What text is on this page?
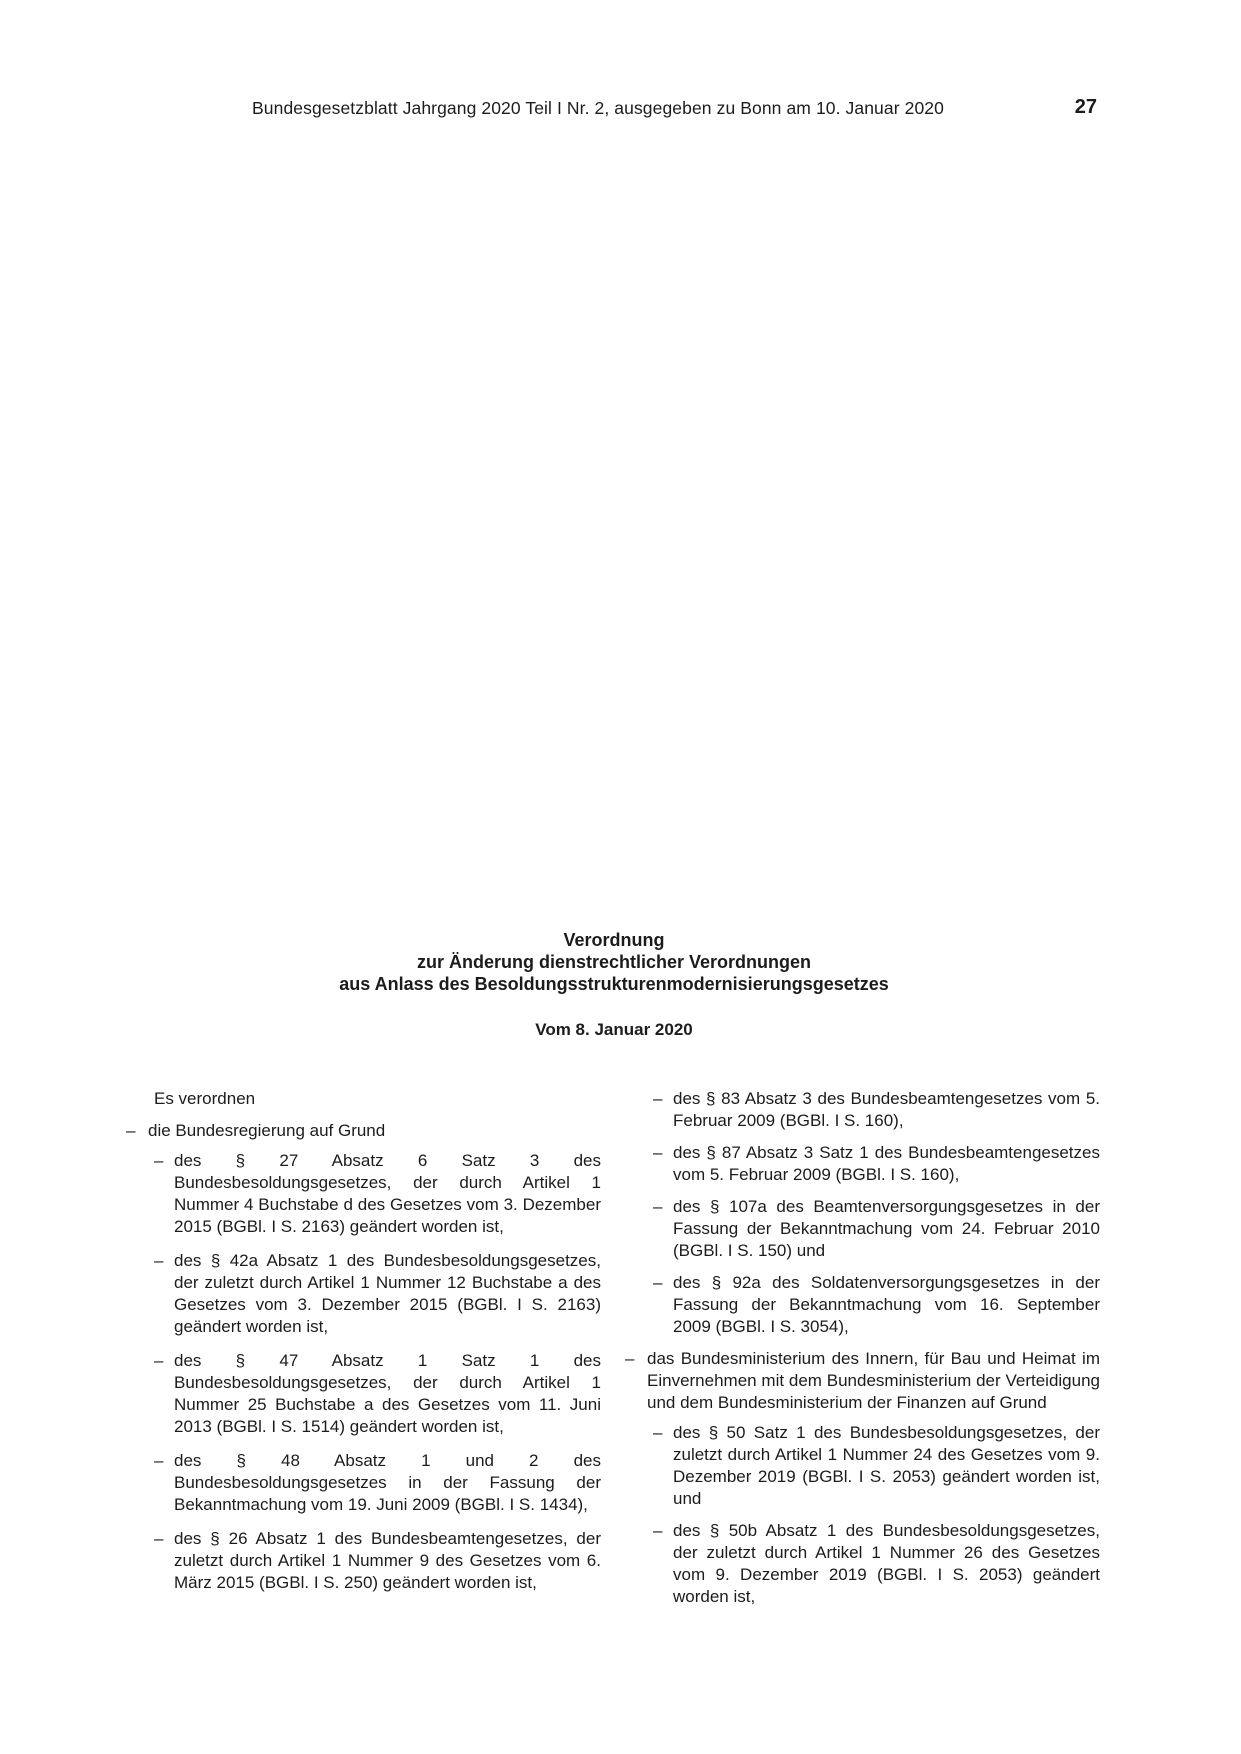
Bundesgesetzblatt Jahrgang 2020 Teil I Nr. 2, ausgegeben zu Bonn am 10. Januar 2020	27
Verordnung
zur Änderung dienstrechtlicher Verordnungen
aus Anlass des Besoldungsstrukturenmodernisierungsgesetzes
Vom 8. Januar 2020

Es verordnen

– die Bundesregierung auf Grund
– des § 27 Absatz 6 Satz 3 des Bundesbesoldungsgesetzes, der durch Artikel 1 Nummer 4 Buchstabe d des Gesetzes vom 3. Dezember 2015 (BGBl. I S. 2163) geändert worden ist,
– des § 42a Absatz 1 des Bundesbesoldungsgesetzes, der zuletzt durch Artikel 1 Nummer 12 Buchstabe a des Gesetzes vom 3. Dezember 2015 (BGBl. I S. 2163) geändert worden ist,
– des § 47 Absatz 1 Satz 1 des Bundesbesoldungsgesetzes, der durch Artikel 1 Nummer 25 Buchstabe a des Gesetzes vom 11. Juni 2013 (BGBl. I S. 1514) geändert worden ist,
– des § 48 Absatz 1 und 2 des Bundesbesoldungsgesetzes in der Fassung der Bekanntmachung vom 19. Juni 2009 (BGBl. I S. 1434),
– des § 26 Absatz 1 des Bundesbeamtengesetzes, der zuletzt durch Artikel 1 Nummer 9 des Gesetzes vom 6. März 2015 (BGBl. I S. 250) geändert worden ist,
– des § 83 Absatz 3 des Bundesbeamtengesetzes vom 5. Februar 2009 (BGBl. I S. 160),
– des § 87 Absatz 3 Satz 1 des Bundesbeamtengesetzes vom 5. Februar 2009 (BGBl. I S. 160),
– des § 107a des Beamtenversorgungsgesetzes in der Fassung der Bekanntmachung vom 24. Februar 2010 (BGBl. I S. 150) und
– des § 92a des Soldatenversorgungsgesetzes in der Fassung der Bekanntmachung vom 16. September 2009 (BGBl. I S. 3054),
– das Bundesministerium des Innern, für Bau und Heimat im Einvernehmen mit dem Bundesministerium der Verteidigung und dem Bundesministerium der Finanzen auf Grund
– des § 50 Satz 1 des Bundesbesoldungsgesetzes, der zuletzt durch Artikel 1 Nummer 24 des Gesetzes vom 9. Dezember 2019 (BGBl. I S. 2053) geändert worden ist, und
– des § 50b Absatz 1 des Bundesbesoldungsgesetzes, der zuletzt durch Artikel 1 Nummer 26 des Gesetzes vom 9. Dezember 2019 (BGBl. I S. 2053) geändert worden ist,
